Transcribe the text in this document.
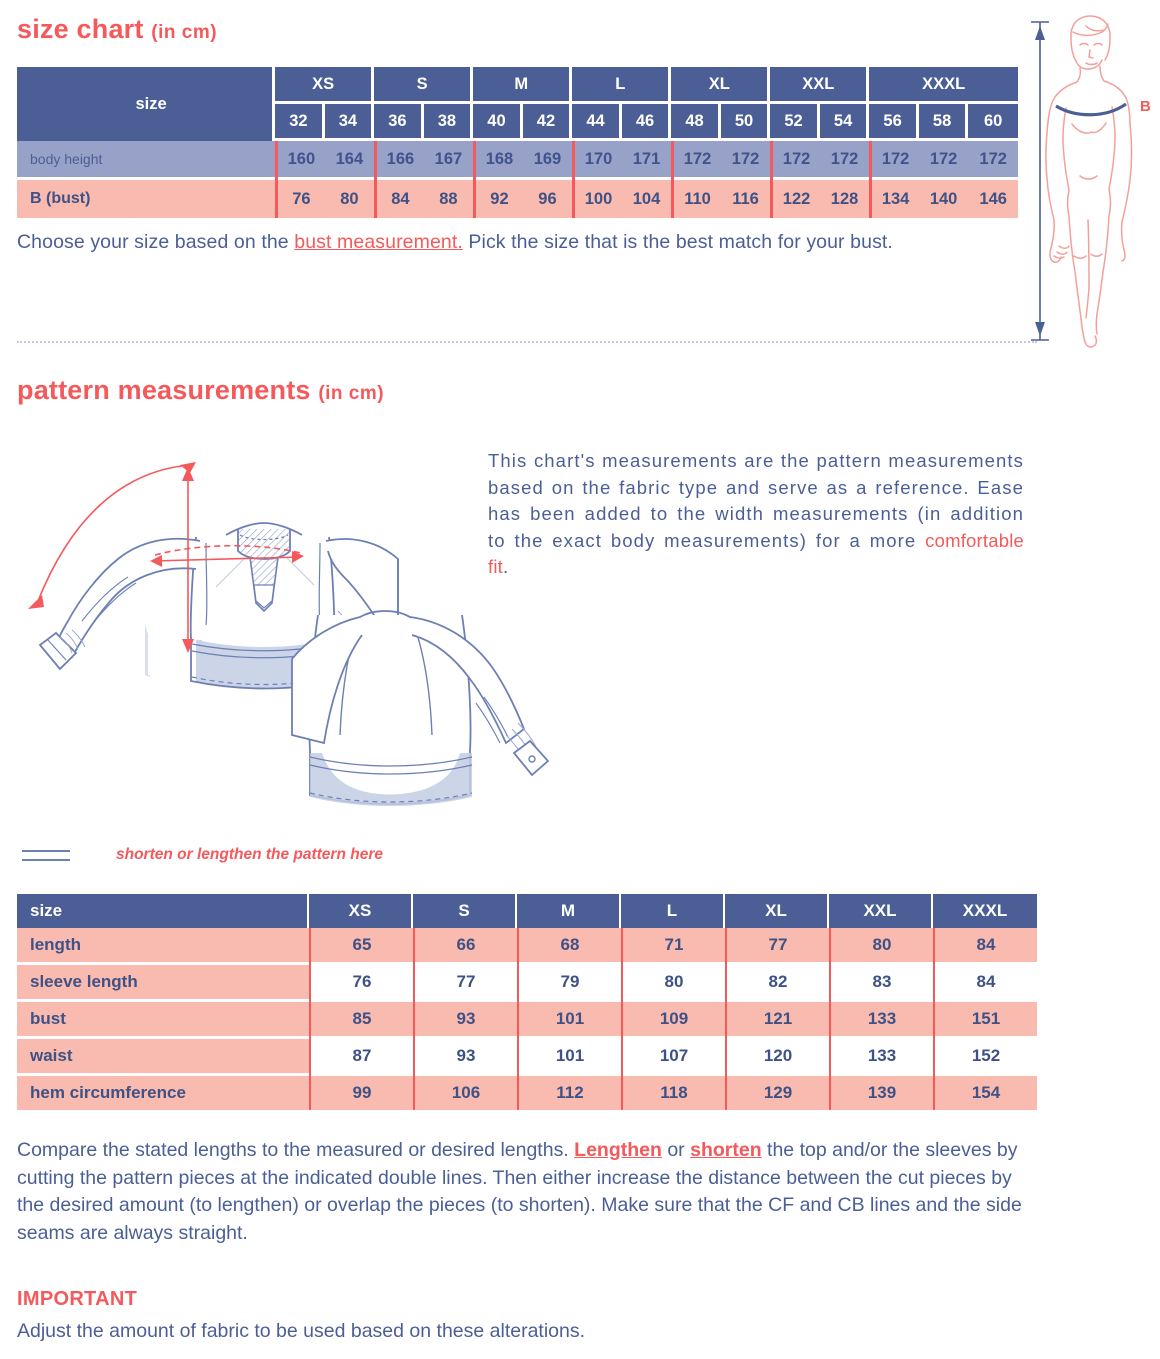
size chart (in cm)
size	XS		S		M		L		XL		XXL		XXXL		
	32	34	36	38	40	42	44	46	48	50	52	54	56	58	60
body height	160	164	166	167	168	169	170	171	172	172	172	172	172	172	172

B (bust)	76	80	84	88	92	96	100	104	110	116	122	128	134	140	146
Choose your size based on the bust measurement. Pick the size that is the best match for your bust.
B
pattern measurements (in cm)
This chart's measurements are the pattern measurements based on the fabric type and serve as a reference. Ease has been added to the width measurements (in addition to the exact body measurements) for a more comfortable fit.
shorten or lengthen the pattern here
size	XS	S	M	L	XL	XXL	XXXL
length	65	66	68	71	77	80	84

sleeve length	76	77	79	80	82	83	84

bust	85	93	101	109	121	133	151

waist	87	93	101	107	120	133	152

hem circumference	99	106	112	118	129	139	154
Compare the stated lengths to the measured or desired lengths. Lengthen or shorten the top and/or the sleeves by cutting the pattern pieces at the indicated double lines. Then either increase the distance between the cut pieces by the desired amount (to lengthen) or overlap the pieces (to shorten). Make sure that the CF and CB lines and the side seams are always straight.
IMPORTANT
Adjust the amount of fabric to be used based on these alterations.
